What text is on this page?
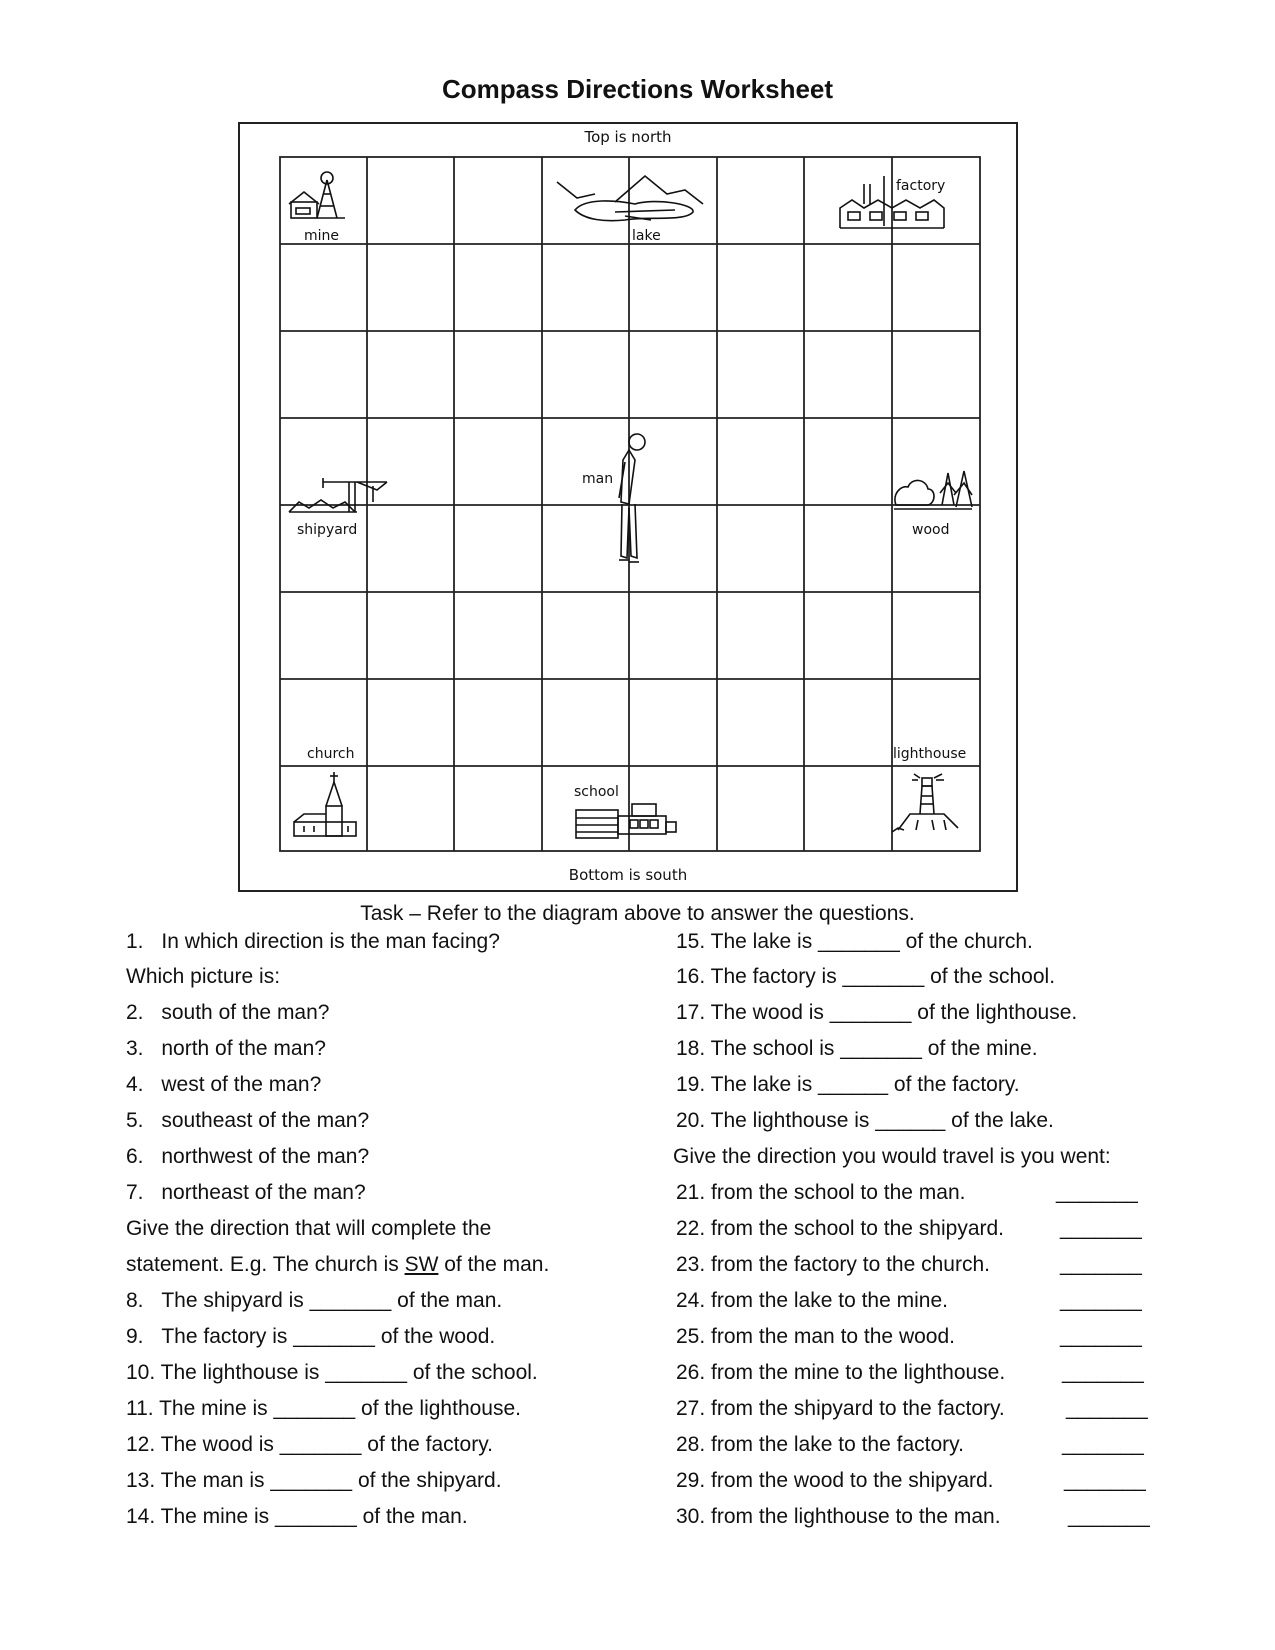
Compass Directions Worksheet
Top is north
Bottom is south
mine	lake
factory
man
shipyard	wood
church
school
lighthouse
Task – Refer to the diagram above to answer the questions.
1. In which direction is the man facing?
Which picture is:
2. south of the man?
3. north of the man?
4. west of the man?
5. southeast of the man?
6. northwest of the man?
7. northeast of the man?
Give the direction that will complete the
statement. E.g. The church is SW of the man.
8. The shipyard is _______ of the man.
9. The factory is _______ of the wood.
10. The lighthouse is _______ of the school.
11. The mine is _______ of the lighthouse.
12. The wood is _______ of the factory.
13. The man is _______ of the shipyard.
14. The mine is _______ of the man.
15. The lake is _______ of the church.
16. The factory is _______ of the school.
17. The wood is _______ of the lighthouse.
18. The school is _______ of the mine.
19. The lake is ______ of the factory.
20. The lighthouse is ______ of the lake.
Give the direction you would travel is you went:
21. from the school to the man.	_______
22. from the school to the shipyard.	_______
23. from the factory to the church.	_______
24. from the lake to the mine.	_______
25. from the man to the wood.	_______
26. from the mine to the lighthouse.	_______
27. from the shipyard to the factory.	_______
28. from the lake to the factory.	_______
29. from the wood to the shipyard.	_______
30. from the lighthouse to the man.	_______
